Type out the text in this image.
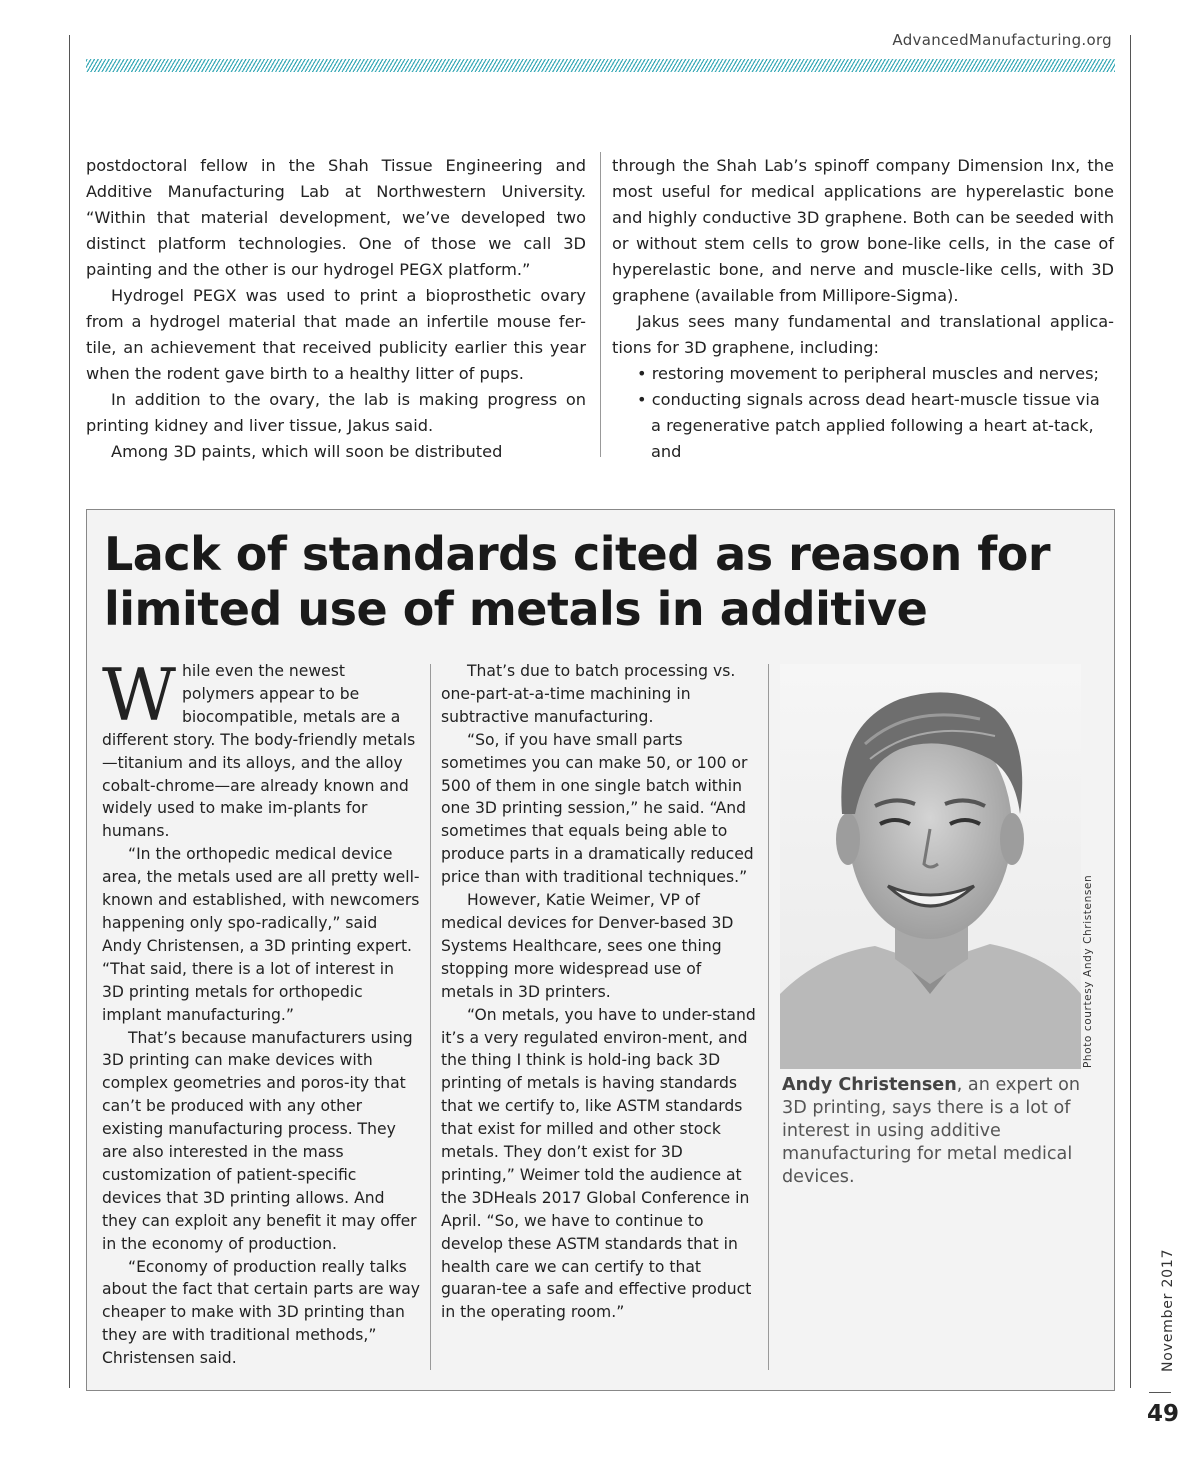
AdvancedManufacturing.org

postdoctoral fellow in the Shah Tissue Engineering and Additive Manufacturing Lab at Northwestern University. “Within that material development, we’ve developed two distinct platform technologies. One of those we call 3D painting and the other is our hydrogel PEGX platform.”

Hydrogel PEGX was used to print a bioprosthetic ovary from a hydrogel material that made an infertile mouse fer-tile, an achievement that received publicity earlier this year when the rodent gave birth to a healthy litter of pups.

In addition to the ovary, the lab is making progress on printing kidney and liver tissue, Jakus said.

Among 3D paints, which will soon be distributed

through the Shah Lab’s spinoff company Dimension Inx, the most useful for medical applications are hyperelastic bone and highly conductive 3D graphene. Both can be seeded with or without stem cells to grow bone-like cells, in the case of hyperelastic bone, and nerve and muscle-like cells, with 3D graphene (available from Millipore-Sigma).

Jakus sees many fundamental and translational applica-tions for 3D graphene, including:

• restoring movement to peripheral muscles and nerves;

• conducting signals across dead heart-muscle tissue via a regenerative patch applied following a heart at-tack, and

Lack of standards cited as reason for limited use of metals in additive

While even the newest polymers appear to be biocompatible, metals are a different story. The body-friendly metals—titanium and its alloys, and the alloy cobalt-chrome—are already known and widely used to make im-plants for humans.

“In the orthopedic medical device area, the metals used are all pretty well-known and established, with newcomers happening only spo-radically,” said Andy Christensen, a 3D printing expert. “That said, there is a lot of interest in 3D printing metals for orthopedic implant manufacturing.”

That’s because manufacturers using 3D printing can make devices with complex geometries and poros-ity that can’t be produced with any other existing manufacturing process. They are also interested in the mass customization of patient-specific devices that 3D printing allows. And they can exploit any benefit it may offer in the economy of production.

“Economy of production really talks about the fact that certain parts are way cheaper to make with 3D printing than they are with traditional methods,” Christensen said.

That’s due to batch processing vs. one-part-at-a-time machining in subtractive manufacturing.

“So, if you have small parts sometimes you can make 50, or 100 or 500 of them in one single batch within one 3D printing session,” he said. “And sometimes that equals being able to produce parts in a dramatically reduced price than with traditional techniques.”

However, Katie Weimer, VP of medical devices for Denver-based 3D Systems Healthcare, sees one thing stopping more widespread use of metals in 3D printers.

“On metals, you have to under-stand it’s a very regulated environ-ment, and the thing I think is hold-ing back 3D printing of metals is having standards that we certify to, like ASTM standards that exist for milled and other stock metals. They don’t exist for 3D printing,” Weimer told the audience at the 3DHeals 2017 Global Conference in April. “So, we have to continue to develop these ASTM standards that in health care we can certify to that guaran-tee a safe and effective product in the operating room.”

Photo courtesy Andy Christensen
Andy Christensen, an expert on 3D printing, says there is a lot of interest in using additive manufacturing for metal medical devices.
November 2017
49
